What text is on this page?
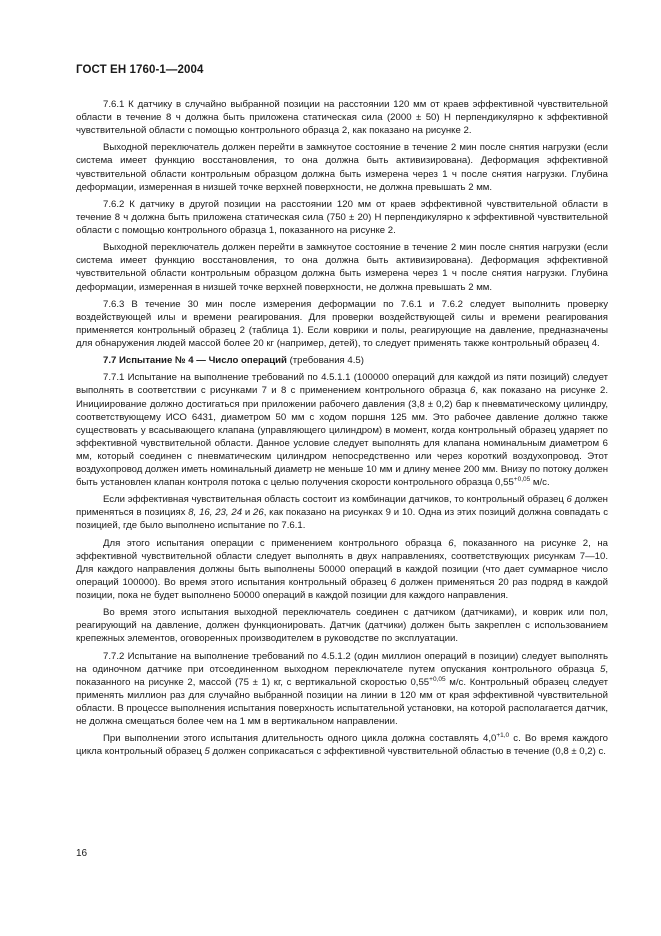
ГОСТ ЕН 1760-1—2004

7.6.1 К датчику в случайно выбранной позиции на расстоянии 120 мм от краев эффективной чувствительной области в течение 8 ч должна быть приложена статическая сила (2000 ± 50) Н перпендикулярно к эффективной чувствительной области с помощью контрольного образца 2, как показано на рисунке 2.

Выходной переключатель должен перейти в замкнутое состояние в течение 2 мин после снятия нагрузки (если система имеет функцию восстановления, то она должна быть активизирована). Деформация эффективной чувствительной области контрольным образцом должна быть измерена через 1 ч после снятия нагрузки. Глубина деформации, измеренная в низшей точке верхней поверхности, не должна превышать 2 мм.

7.6.2 К датчику в другой позиции на расстоянии 120 мм от краев эффективной чувствительной области в течение 8 ч должна быть приложена статическая сила (750 ± 20) Н перпендикулярно к эффективной чувствительной области с помощью контрольного образца 1, показанного на рисунке 2.

Выходной переключатель должен перейти в замкнутое состояние в течение 2 мин после снятия нагрузки (если система имеет функцию восстановления, то она должна быть активизирована). Деформация эффективной чувствительной области контрольным образцом должна быть измерена через 1 ч после снятия нагрузки. Глубина деформации, измеренная в низшей точке верхней поверхности, не должна превышать 2 мм.

7.6.3 В течение 30 мин после измерения деформации по 7.6.1 и 7.6.2 следует выполнить проверку воздействующей илы и времени реагирования. Для проверки воздействующей силы и времени реагирования применяется контрольный образец 2 (таблица 1). Если коврики и полы, реагирующие на давление, предназначены для обнаружения людей массой более 20 кг (например, детей), то следует применять также контрольный образец 4.

7.7 Испытание № 4 — Число операций (требования 4.5)

7.7.1 Испытание на выполнение требований по 4.5.1.1 (100000 операций для каждой из пяти позиций) следует выполнять в соответствии с рисунками 7 и 8 с применением контрольного образца 6, как показано на рисунке 2. Инициирование должно достигаться при приложении рабочего давления (3,8 ± 0,2) бар к пневматическому цилиндру, соответствующему ИСО 6431, диаметром 50 мм с ходом поршня 125 мм. Это рабочее давление должно также существовать у всасывающего клапана (управляющего цилиндром) в момент, когда контрольный образец ударяет по эффективной чувствительной области. Данное условие следует выполнять для клапана номинальным диаметром 6 мм, который соединен с пневматическим цилиндром непосредственно или через короткий воздухопровод. Этот воздухопровод должен иметь номинальный диаметр не меньше 10 мм и длину менее 200 мм. Внизу по потоку должен быть установлен клапан контроля потока с целью получения скорости контрольного образца $0,55^{+0,05}$ м/с.

Если эффективная чувствительная область состоит из комбинации датчиков, то контрольный образец 6 должен применяться в позициях 8, 16, 23, 24 и 26, как показано на рисунках 9 и 10. Одна из этих позиций должна совпадать с позицией, где было выполнено испытание по 7.6.1.

Для этого испытания операции с применением контрольного образца 6, показанного на рисунке 2, на эффективной чувствительной области следует выполнять в двух направлениях, соответствующих рисункам 7—10. Для каждого направления должны быть выполнены 50000 операций в каждой позиции (что дает суммарное число операций 100000). Во время этого испытания контрольный образец 6 должен применяться 20 раз подряд в каждой позиции, пока не будет выполнено 50000 операций в каждой позиции для каждого направления.

Во время этого испытания выходной переключатель соединен с датчиком (датчиками), и коврик или пол, реагирующий на давление, должен функционировать. Датчик (датчики) должен быть закреплен с использованием крепежных элементов, оговоренных производителем в руководстве по эксплуатации.

7.7.2 Испытание на выполнение требований по 4.5.1.2 (один миллион операций в позиции) следует выполнять на одиночном датчике при отсоединенном выходном переключателе путем опускания контрольного образца 5, показанного на рисунке 2, массой (75 ± 1) кг, с вертикальной скоростью $0,55^{+0,05}$ м/с. Контрольный образец следует применять миллион раз для случайно выбранной позиции на линии в 120 мм от края эффективной чувствительной области. В процессе выполнения испытания поверхность испытательной установки, на которой располагается датчик, не должна смещаться более чем на 1 мм в вертикальном направлении.

При выполнении этого испытания длительность одного цикла должна составлять $4,0^{+1,0}$ с. Во время каждого цикла контрольный образец 5 должен соприкасаться с эффективной чувствительной областью в течение (0,8 ± 0,2) с.

16
